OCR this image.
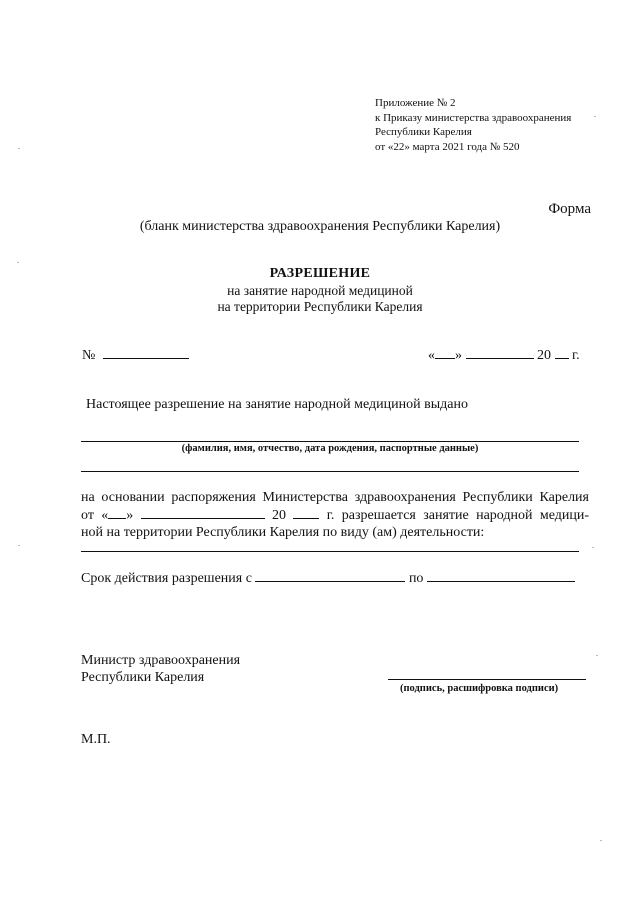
Приложение № 2
к Приказу министерства здравоохранения
Республики Карелия
от «22» марта 2021 года № 520
Форма
(бланк министерства здравоохранения Республики Карелия)
РАЗРЕШЕНИЕ
на занятие народной медициной
на территории Республики Карелия
№	« »	20 г.
Настоящее разрешение на занятие народной медициной выдано
(фамилия, имя, отчество, дата рождения, паспортные данные)
на основании распоряжения Министерства здравоохранения Республики Карелия
от « »	20	г. разрешается занятие народной медици-
ной на территории Республики Карелия по виду (ам) деятельности:
Срок действия разрешения с	по
Министр здравоохранения
Республики Карелия
(подпись, расшифровка подписи)
М.П.
